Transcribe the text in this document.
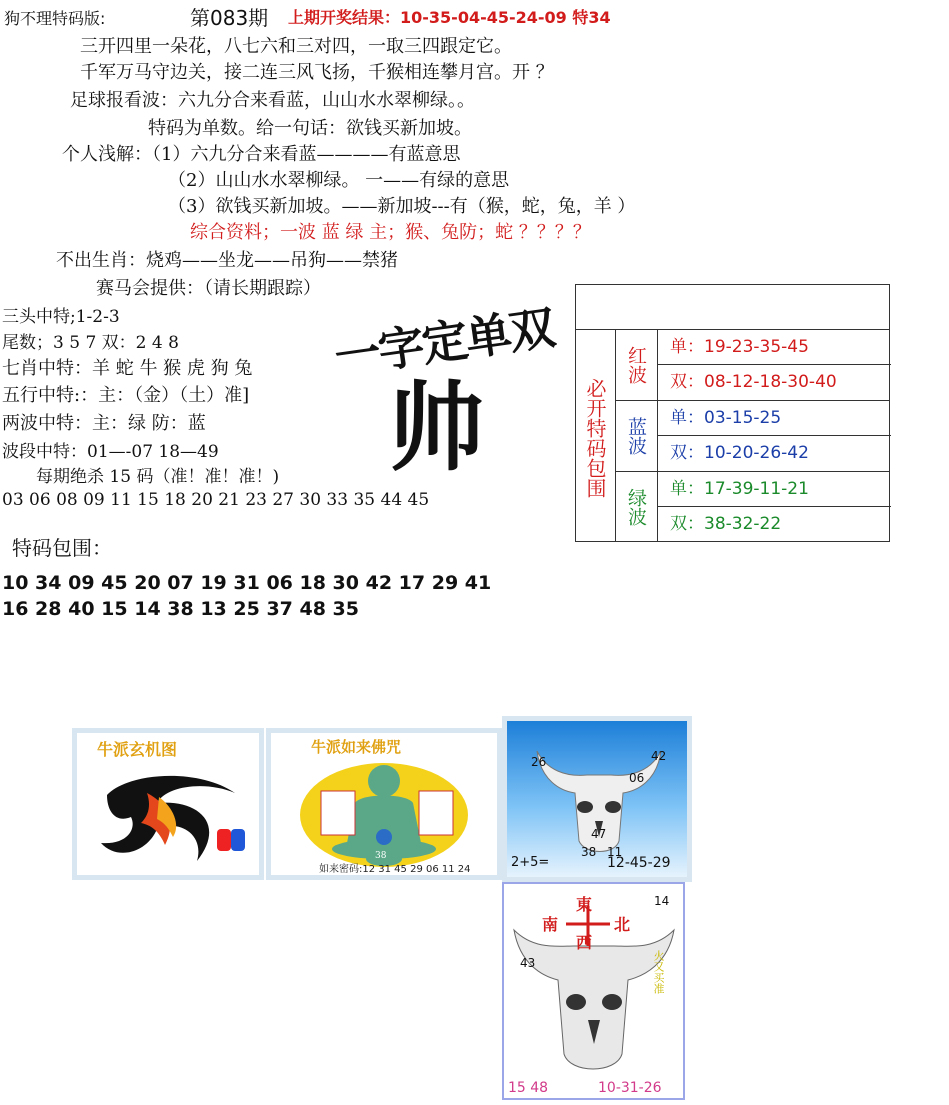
狗不理特码版:	第083期 上期开奖结果：10-35-04-45-24-09 特34
三开四里一朵花，八七六和三对四，一取三四跟定它。
千军万马守边关，接二连三风飞扬，千猴相连攀月宫。开 ？
足球报看波：六九分合来看蓝，山山水水翠柳绿。。
特码为单数。给一句话：欲钱买新加坡。
个人浅解：（1）六九分合来看蓝————有蓝意思
（2）山山水水翠柳绿。 一——有绿的意思
（3）欲钱买新加坡。——新加坡---有（猴，蛇，兔，羊 ）
综合资料；一波 蓝 绿 主；猴、兔防；蛇 ？？？？
不出生肖：烧鸡——坐龙——吊狗——禁猪
赛马会提供：（请长期跟踪）
三头中特;1-2-3
尾数；3 5 7 双：2 4 8
七肖中特：羊 蛇 牛 猴 虎 狗 兔
五行中特:：主：（金）（土）准]
两波中特：主：绿 防：蓝
波段中特：01—-07 18—49
每期绝杀 15 码（准！准！准！)
03 06 08 09 11 15 18 20 21 23 27 30 33 35 44 45
一字定单双
帅
特码包围：
10 34 09 45 20 07 19 31 06 18 30 42 17 29 41
16 28 40 15 14 38 13 25 37 48 35
必开特码包围
红波	单：19-23-35-45
双：08-12-18-30-40
蓝波	单：03-15-25
双：10-20-26-42
绿波	单：17-39-11-21
双：38-32-22
牛派玄机图	牛派如来佛咒
38
如来密码:12 31 45 29 06 11 24
26	42
06
47
38 11
2+5=	12-45-29
東
南	北
西
14
43	火又买准
15 48	10-31-26
